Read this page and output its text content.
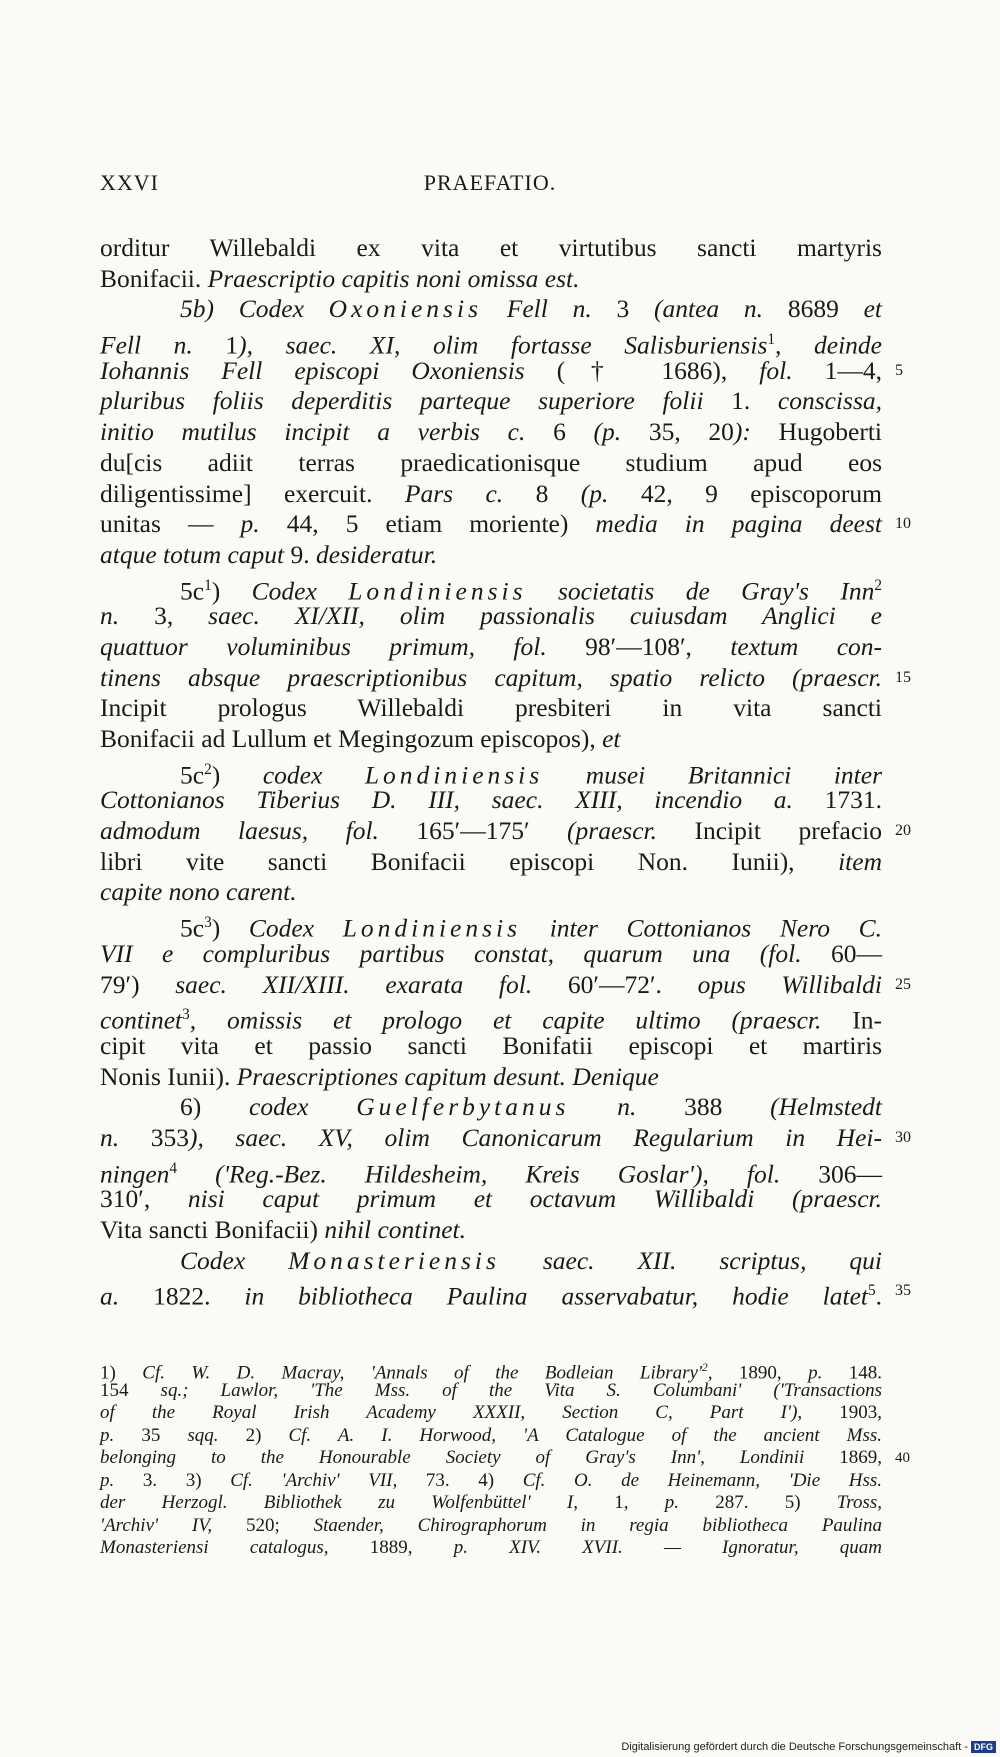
XXVI	PRAEFATIO.
orditur Willebaldi ex vita et virtutibus sancti martyris
Bonifacii. Praescriptio capitis noni omissa est.
5b) Codex Oxoniensis Fell n. 3 (antea n. 8689 et
Fell n. 1), saec. XI, olim fortasse Salisburiensis$^1$, deinde
Iohannis Fell episcopi Oxoniensis († 1686), fol. 1—4, 5
pluribus foliis deperditis parteque superiore folii 1. conscissa,
initio mutilus incipit a verbis c. 6 (p. 35, 20): Hugoberti
du[cis adiit terras praedicationisque studium apud eos
diligentissime] exercuit. Pars c. 8 (p. 42, 9 episcoporum
unitas — p. 44, 5 etiam moriente) media in pagina deest 10
atque totum caput 9. desideratur.
$5c^1$) Codex Londiniensis societatis de Gray's Inn$^2$
n. 3, saec. XI/XII, olim passionalis cuiusdam Anglici e
quattuor voluminibus primum, fol. 98′—108′, textum con-
tinens absque praescriptionibus capitum, spatio relicto (praescr. 15
Incipit prologus Willebaldi presbiteri in vita sancti
Bonifacii ad Lullum et Megingozum episcopos), et
$5c^2$) codex Londiniensis musei Britannici inter
Cottonianos Tiberius D. III, saec. XIII, incendio a. 1731.
admodum laesus, fol. 165′—175′ (praescr. Incipit prefacio 20
libri vite sancti Bonifacii episcopi Non. Iunii), item
capite nono carent.
$5c^3$) Codex Londiniensis inter Cottonianos Nero C.
VII e compluribus partibus constat, quarum una (fol. 60—
79′) saec. XII/XIII. exarata fol. 60′—72′. opus Willibaldi 25
continet$^3$, omissis et prologo et capite ultimo (praescr. In-
cipit vita et passio sancti Bonifatii episcopi et martiris
Nonis Iunii). Praescriptiones capitum desunt. Denique
6) codex Guelferbytanus n. 388 (Helmstedt
n. 353), saec. XV, olim Canonicarum Regularium in Hei- 30
ningen$^4$ ('Reg.-Bez. Hildesheim, Kreis Goslar'), fol. 306—
310′, nisi caput primum et octavum Willibaldi (praescr.
Vita sancti Bonifacii) nihil continet.
Codex Monasteriensis saec. XII. scriptus, qui
a. 1822. in bibliotheca Paulina asservabatur, hodie latet$^5$. 35
1) Cf. W. D. Macray, 'Annals of the Bodleian $Library'^2$, 1890, p. 148.
154 sq.; Lawlor, 'The Mss. of the Vita S. Columbani' ('Transactions
of the Royal Irish Academy XXXII, Section C, Part I'), 1903,
p. 35 sqq. 2) Cf. A. I. Horwood, 'A Catalogue of the ancient Mss.
belonging to the Honourable Society of Gray's Inn', Londinii 1869, 40
p. 3. 3) Cf. 'Archiv' VII, 73. 4) Cf. O. de Heinemann, 'Die Hss.
der Herzogl. Bibliothek zu Wolfenbüttel' I, 1, p. 287. 5) Tross,
'Archiv' IV, 520; Staender, Chirographorum in regia bibliotheca Paulina
Monasteriensi catalogus, 1889, p. XIV. XVII. — Ignoratur, quam
Digitalisierung gefördert durch die Deutsche Forschungsgemeinschaft - DFG
